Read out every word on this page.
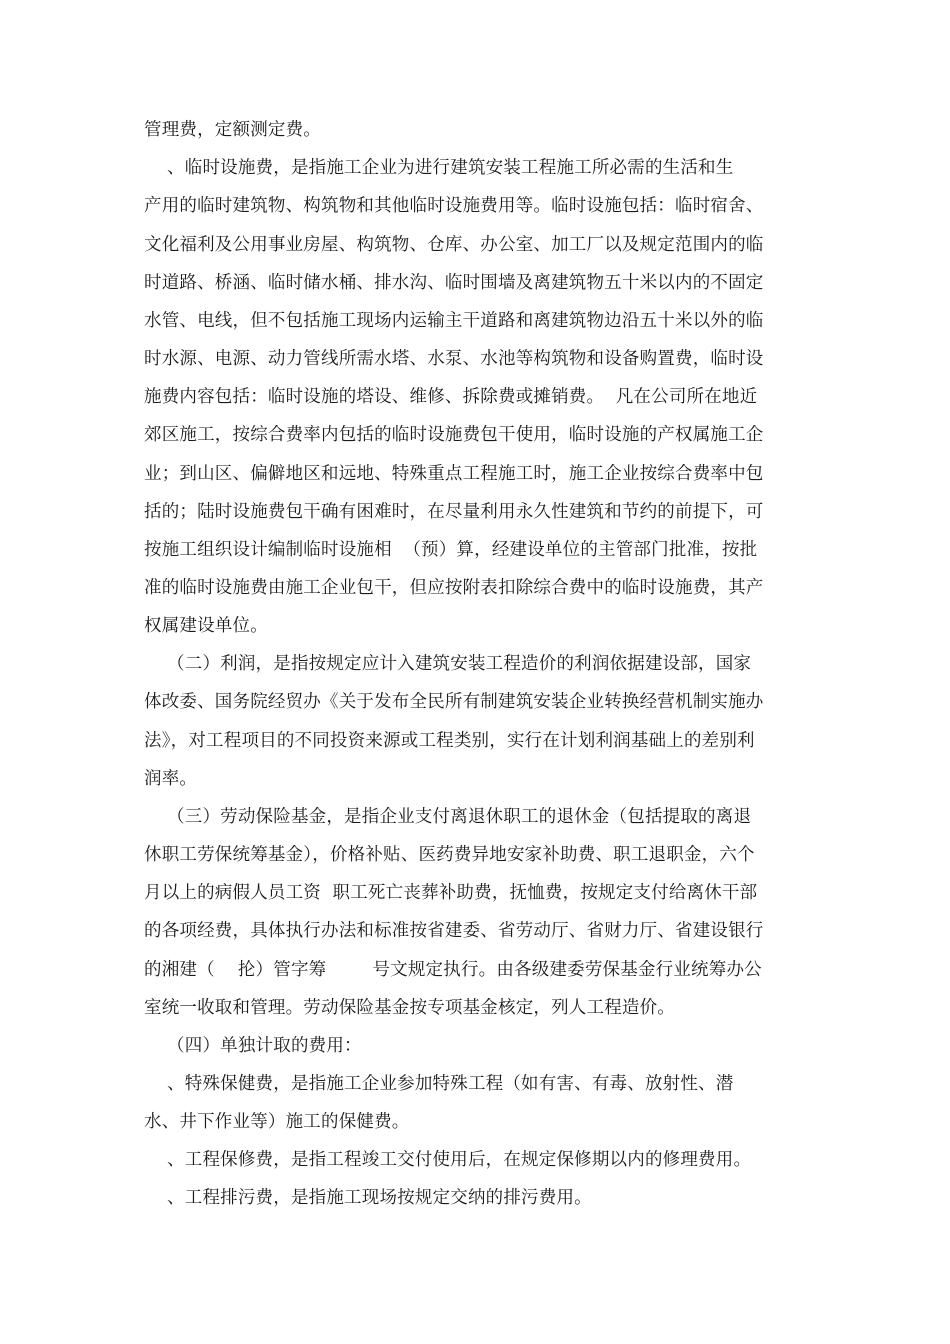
管理费，定额测定费。

、临时设施费，是指施工企业为进行建筑安装工程施工所必需的生活和生

产用的临时建筑物、构筑物和其他临时设施费用等。临时设施包括：临时宿舍、

文化福利及公用事业房屋、构筑物、仓库、办公室、加工厂以及规定范围内的临

时道路、桥涵、临时储水桶、排水沟、临时围墙及离建筑物五十米以内的不固定

水管、电线，但不包括施工现场内运输主干道路和离建筑物边沿五十米以外的临

时水源、电源、动力管线所需水塔、水泵、水池等构筑物和设备购置费，临时设

施费内容包括：临时设施的塔设、维修、拆除费或摊销费。  凡在公司所在地近

郊区施工，按综合费率内包括的临时设施费包干使用，临时设施的产权属施工企

业；到山区、偏僻地区和远地、特殊重点工程施工时，施工企业按综合费率中包

括的；陆时设施费包干确有困难时，在尽量利用永久性建筑和节约的前提下，可

按施工组织设计编制临时设施相  （预）算，经建设单位的主管部门批准，按批

准的临时设施费由施工企业包干，但应按附表扣除综合费中的临时设施费，其产

权属建设单位。

（二）利润，是指按规定应计入建筑安装工程造价的利润依据建设部，国家

体改委、国务院经贸办《关于发布全民所有制建筑安装企业转换经营机制实施办

法》，对工程项目的不同投资来源或工程类别，实行在计划利润基础上的差别利

润率。

（三）劳动保险基金，是指企业支付离退休职工的退休金（包括提取的离退

休职工劳保统筹基金），价格补贴、医药费异地安家补助费、职工退职金，六个

月以上的病假人员工资  职工死亡丧葬补助费，抚恤费，按规定支付给离休干部

的各项经费，具体执行办法和标准按省建委、省劳动厅、省财力厅、省建设银行

的湘建（    抡）管字筹        号文规定执行。由各级建委劳保基金行业统筹办公

室统一收取和管理。劳动保险基金按专项基金核定，列人工程造价。

（四）单独计取的费用：

、特殊保健费，是指施工企业参加特殊工程（如有害、有毒、放射性、潜

水、井下作业等）施工的保健费。

、工程保修费，是指工程竣工交付使用后，在规定保修期以内的修理费用。

、工程排污费，是指施工现场按规定交纳的排污费用。
